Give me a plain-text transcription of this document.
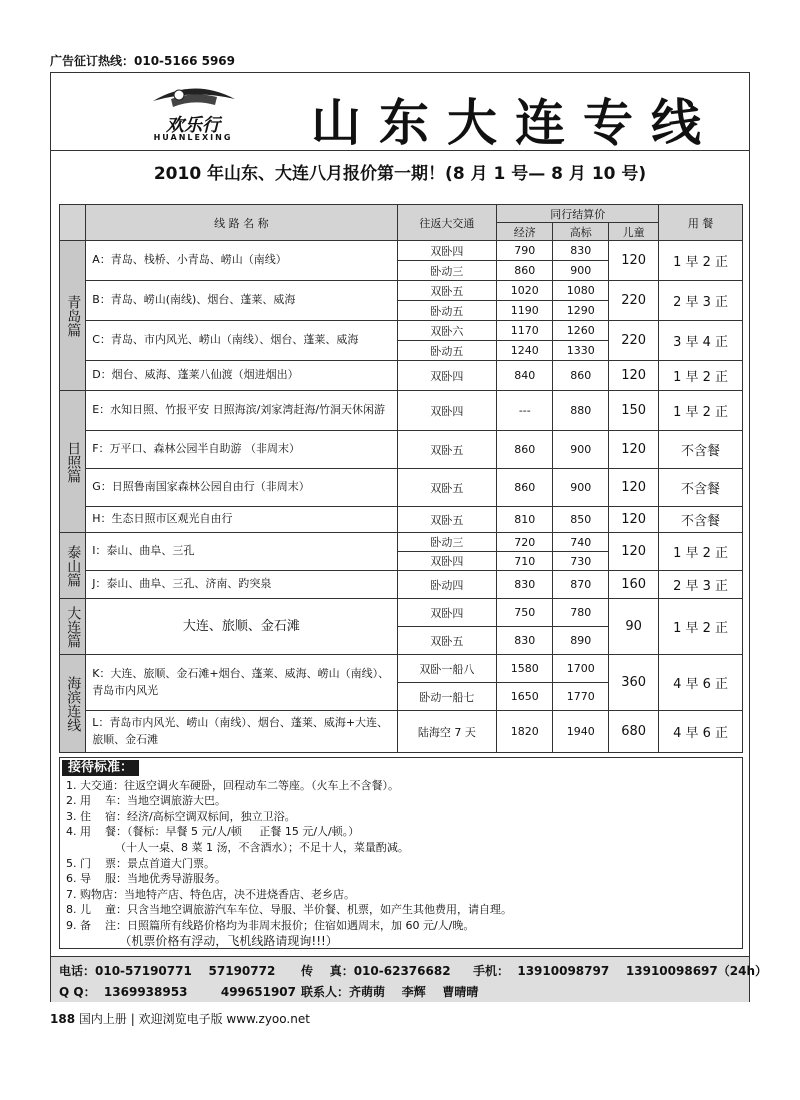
广告征订热线：010-5166 5969
欢乐行
HUANLEXING	山东大连专线
2010 年山东、大连八月报价第一期！(8 月 1 号— 8 月 10 号)
	线 路 名 称	往返大交通	同行结算价			用 餐
			经济	高标	儿童	
青岛篇	A：青岛、栈桥、小青岛、崂山（南线）	双卧四	790	830	120	1 早 2 正
		卧动三	860	900		
	B：青岛、崂山(南线)、烟台、蓬莱、威海	双卧五	1020	1080	220	2 早 3 正
		卧动五	1190	1290		
	C：青岛、市内风光、崂山（南线）、烟台、蓬莱、威海	双卧六	1170	1260	220	3 早 4 正
		卧动五	1240	1330		
	D：烟台、威海、蓬莱八仙渡（烟进烟出）	双卧四	840	860	120	1 早 2 正
日照篇	E：水知日照、竹报平安 日照海滨/刘家湾赶海/竹洞天休闲游	双卧四	---	880	150	1 早 2 正
	F：万平口、森林公园半自助游 （非周末）	双卧五	860	900	120	不含餐
	G：日照鲁南国家森林公园自由行（非周末）	双卧五	860	900	120	不含餐
	H：生态日照市区观光自由行	双卧五	810	850	120	不含餐
泰山篇	I：泰山、曲阜、三孔	卧动三	720	740	120	1 早 2 正
		双卧四	710	730		
	J：泰山、曲阜、三孔、济南、趵突泉	卧动四	830	870	160	2 早 3 正
大连篇	大连、旅顺、金石滩	双卧四	750	780	90	1 早 2 正
		双卧五	830	890		
海滨连线	K：大连、旅顺、金石滩+烟台、蓬莱、威海、崂山（南线）、青岛市内风光	双卧一船八	1580	1700	360	4 早 6 正
		卧动一船七	1650	1770		
	L：青岛市内风光、崂山（南线）、烟台、蓬莱、威海+大连、旅顺、金石滩	陆海空 7 天	1820	1940	680	4 早 6 正
接待标准：
1. 大交通：往返空调火车硬卧，回程动车二等座。（火车上不含餐）。
2. 用    车：当地空调旅游大巴。
3. 住    宿：经济/高标空调双标间，独立卫浴。
4. 用    餐：（餐标：早餐 5 元/人/顿     正餐 15 元/人/顿。）
（十人一桌、8 菜 1 汤，不含酒水）；不足十人，菜量酌减。
5. 门    票：景点首道大门票。
6. 导    服：当地优秀导游服务。
7. 购物店：当地特产店、特色店，决不进烧香店、老乡店。
8. 儿    童：只含当地空调旅游汽车车位、导服、半价餐、机票，如产生其他费用，请自理。
9. 备    注：日照篇所有线路价格均为非周末报价；住宿如遇周末，加 60 元/人/晚。
（机票价格有浮动，飞机线路请现询!!!）
电话：010-57190771    57190772 传    真：010-62376682 手机：  13910098797    13910098697（24h）
Q Q：  1369938953        499651907 联系人：齐萌萌    李辉    曹晴晴
188 国内上册 | 欢迎浏览电子版 www.zyoo.net
